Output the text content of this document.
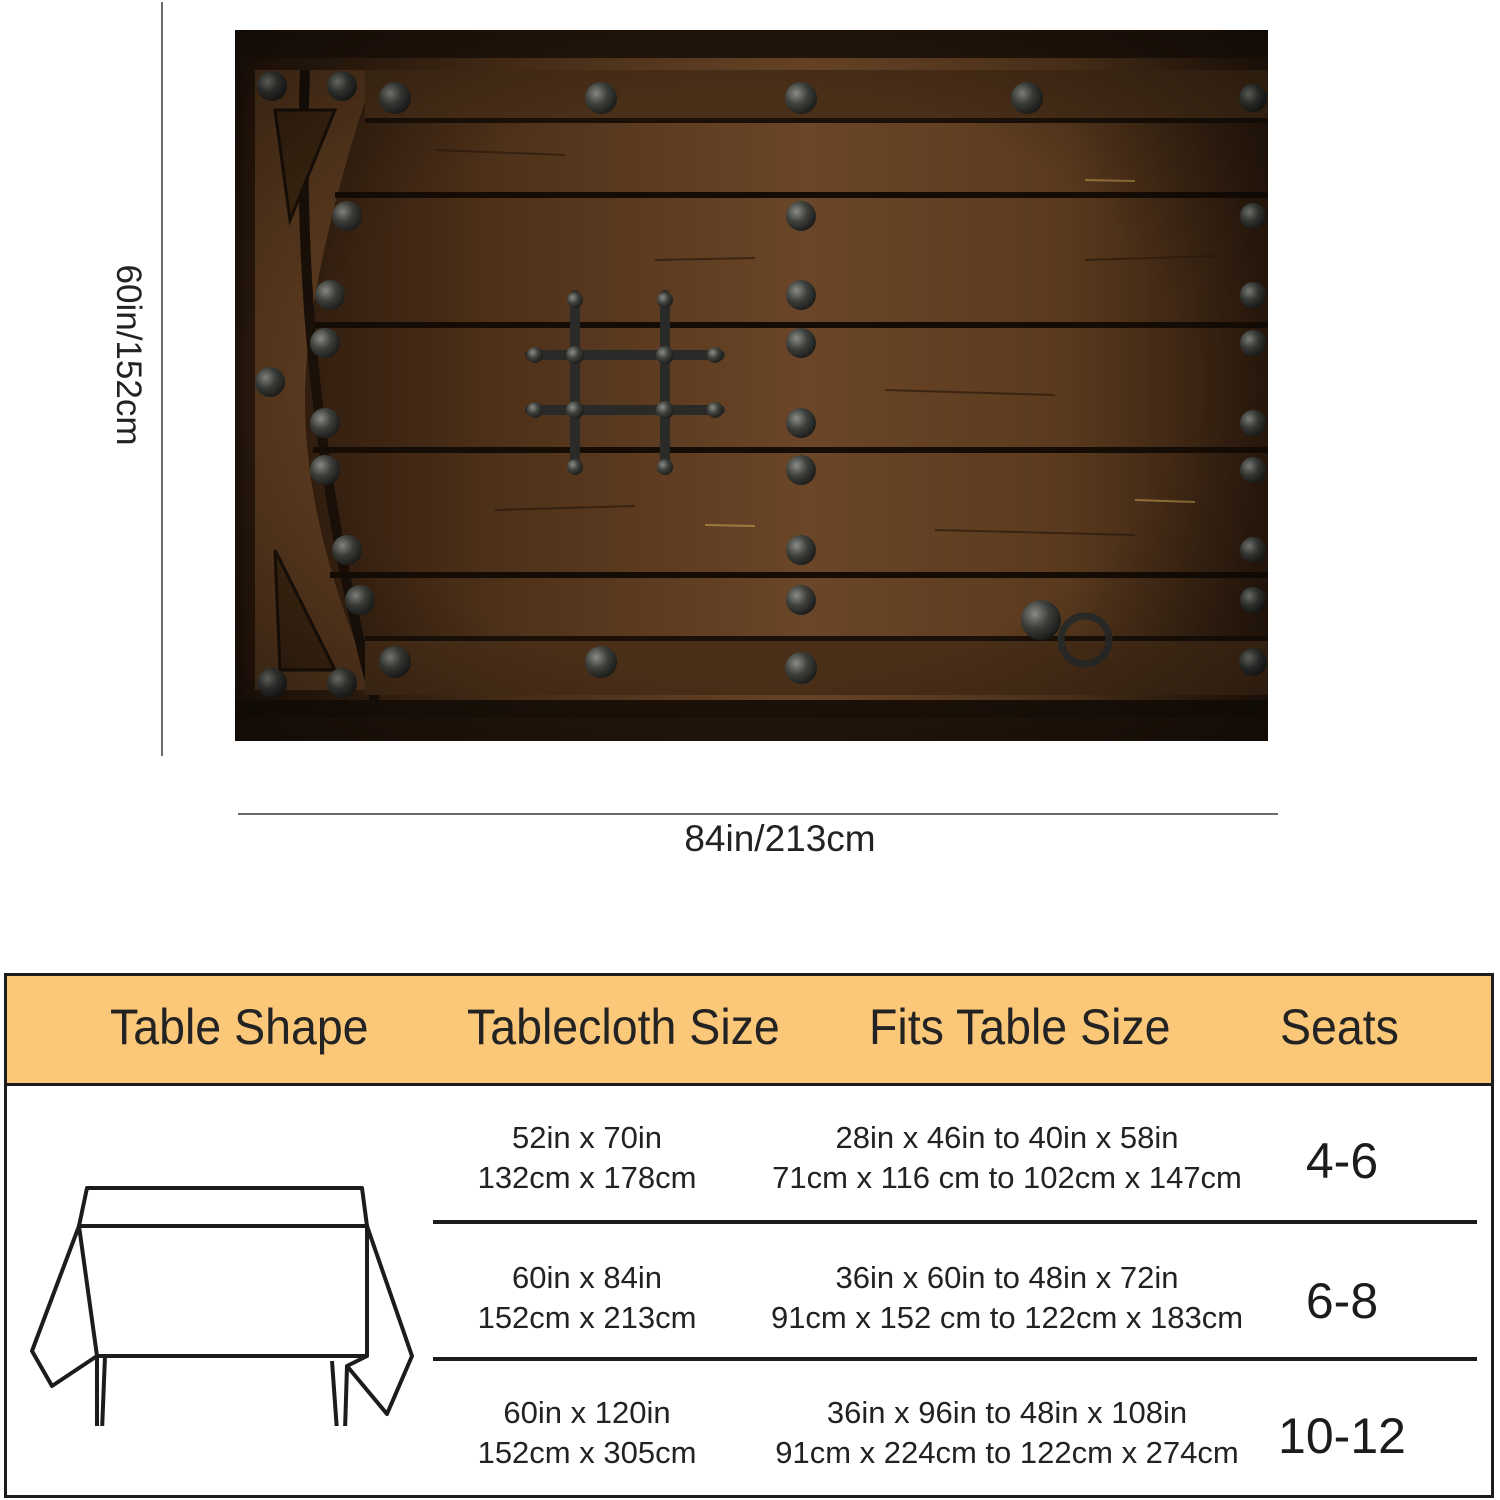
60in/152cm
84in/213cm
Table Shape Tablecloth Size Fits Table Size Seats
52in x 70in
132cm x 178cm
28in x 46in to 40in x 58in
71cm x 116 cm to 102cm x 147cm	4-6
60in x 84in
152cm x 213cm
36in x 60in to 48in x 72in
91cm x 152 cm to 122cm x 183cm	6-8
60in x 120in
152cm x 305cm
36in x 96in to 48in x 108in
91cm x 224cm to 122cm x 274cm 10-12
